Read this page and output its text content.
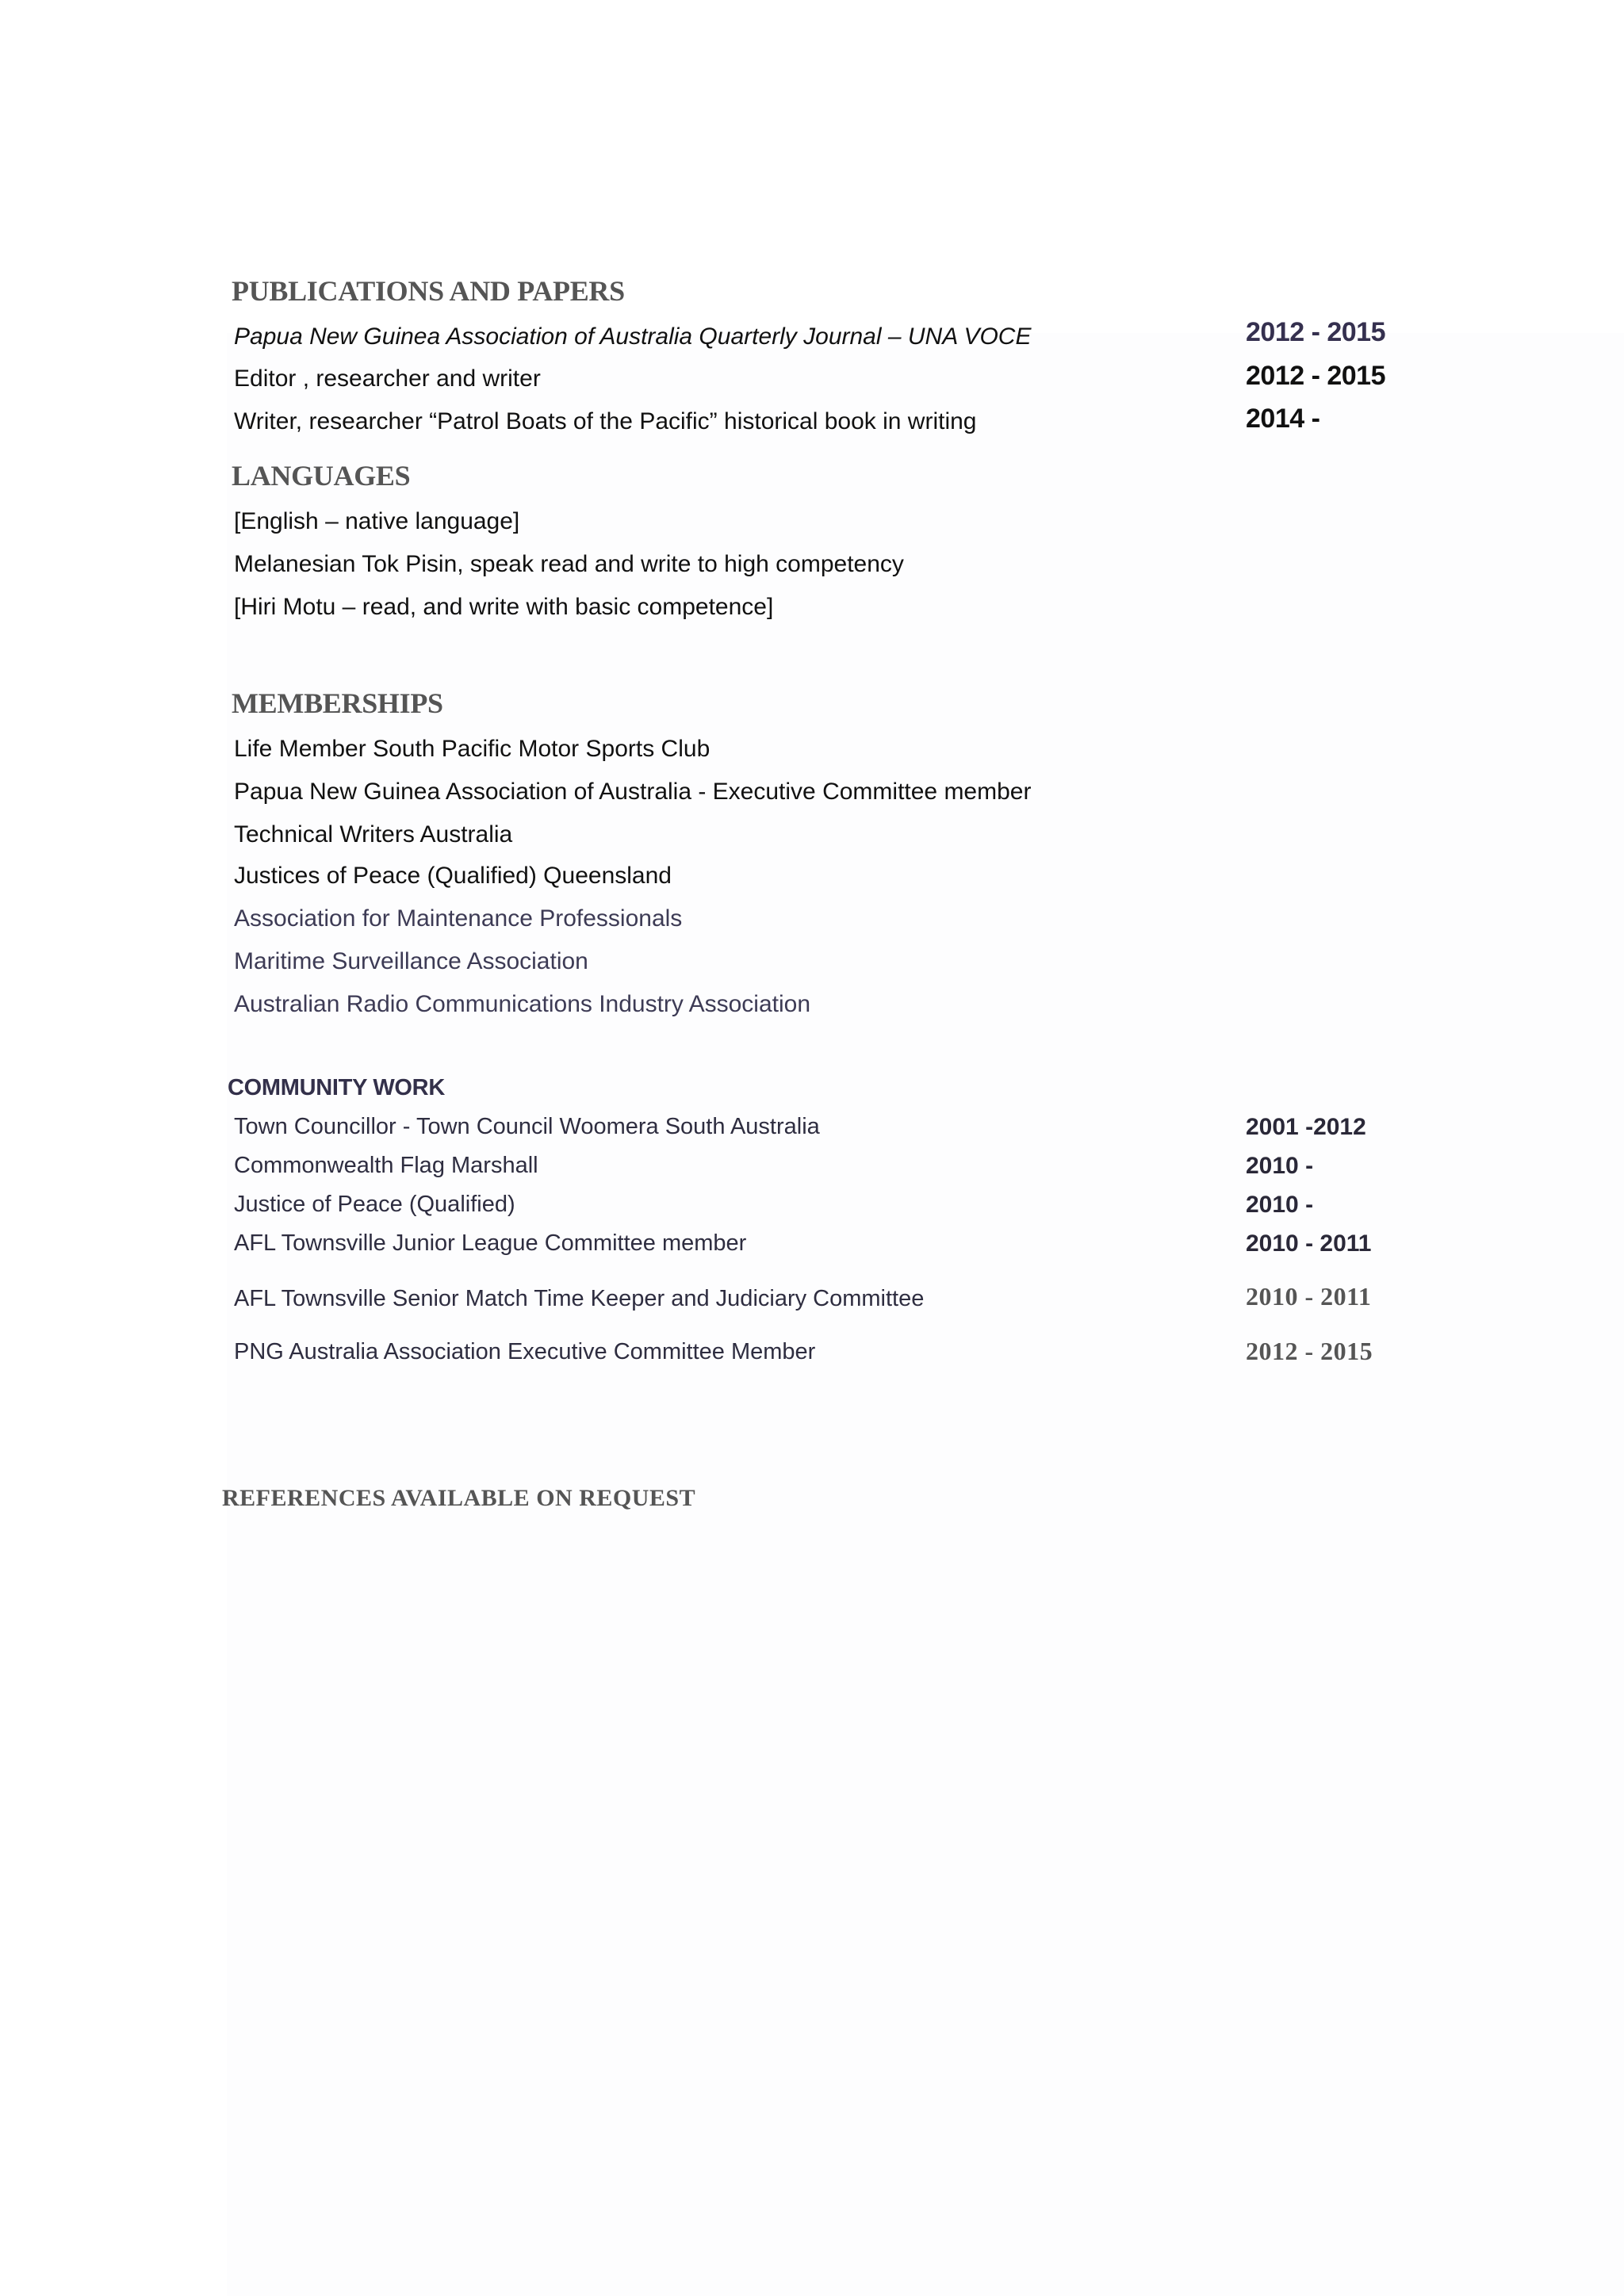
PUBLICATIONS AND PAPERS
Papua New Guinea Association of Australia Quarterly Journal – UNA VOCE	2012 - 2015
Editor , researcher and writer	2012 - 2015
Writer, researcher “Patrol Boats of the Pacific” historical book in writing	2014 -
LANGUAGES
[English – native language]
Melanesian Tok Pisin, speak read and write to high competency
[Hiri Motu – read, and write with basic competence]
MEMBERSHIPS
Life Member South Pacific Motor Sports Club
Papua New Guinea Association of Australia - Executive Committee member
Technical Writers Australia
Justices of Peace (Qualified) Queensland
Association for Maintenance Professionals
Maritime Surveillance Association
Australian Radio Communications Industry Association
COMMUNITY WORK
Town Councillor - Town Council Woomera South Australia	2001 -2012
Commonwealth Flag Marshall	2010 -
Justice of Peace (Qualified)	2010 -
AFL Townsville Junior League Committee member	2010 - 2011
AFL Townsville Senior Match Time Keeper and Judiciary Committee	2010 - 2011
PNG Australia Association Executive Committee Member	2012 - 2015
REFERENCES AVAILABLE ON REQUEST
